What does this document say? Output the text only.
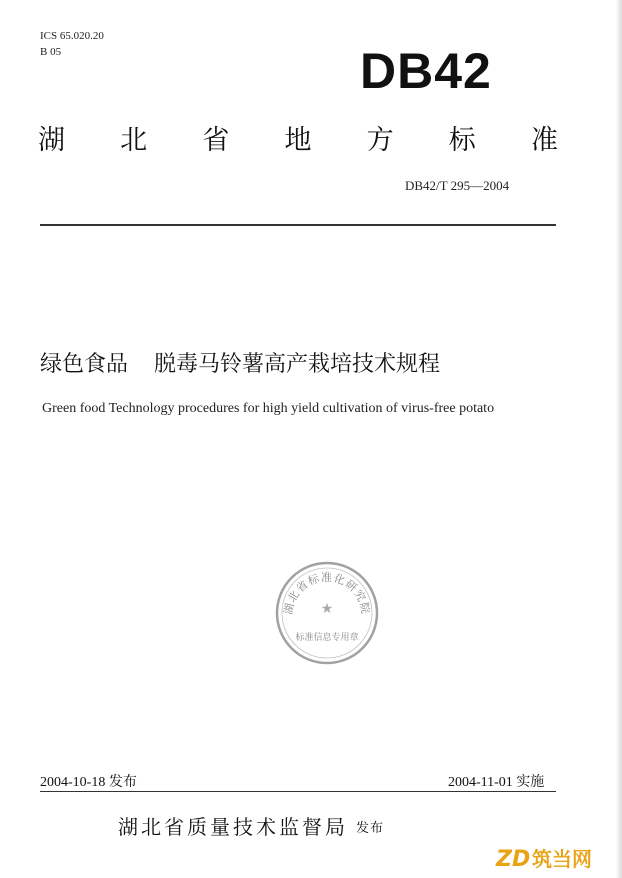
ICS 65.020.20
B 05	DB42
湖 北 省 地 方 标 准
DB42/T 295—2004
绿色食品 脱毒马铃薯高产栽培技术规程
Green food Technology procedures for high yield cultivation of virus-free potato
湖北省标准化研究院
★
标准信息专用章
2004-10-18 发布	2004-11-01 实施
湖北省质量技术监督局 发布
ZD 筑当网
